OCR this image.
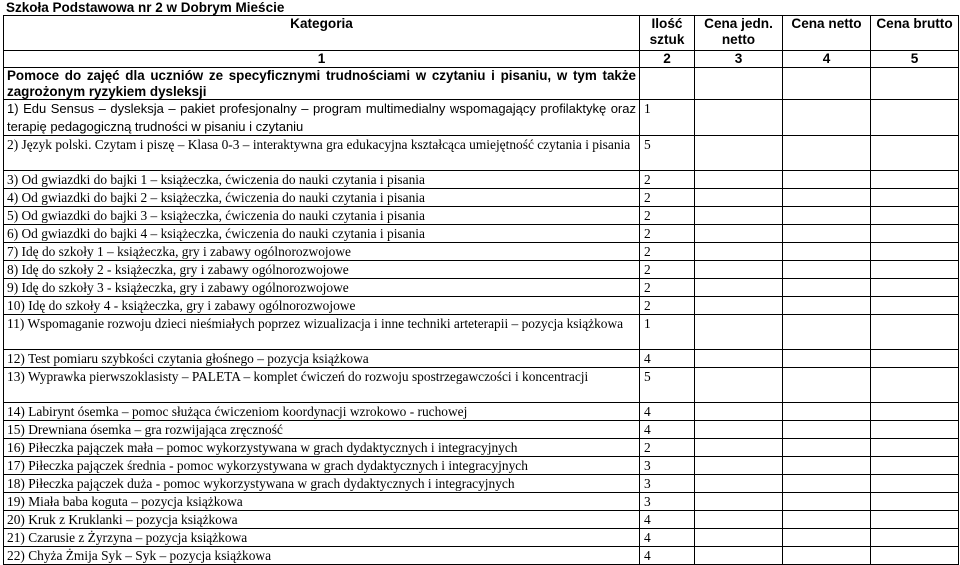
Szkoła Podstawowa nr 2 w Dobrym Mieście
Kategoria	Ilość sztuk	Cena jedn. netto	Cena netto	Cena brutto
1	2	3	4	5
Pomoce do zajęć dla uczniów ze specyficznymi trudnościami w czytaniu i pisaniu, w tym także zagrożonym ryzykiem dysleksji				
1) Edu Sensus – dysleksja – pakiet profesjonalny – program multimedialny wspomagający profilaktykę oraz terapię pedagogiczną trudności w pisaniu i czytaniu	1			
2) Język polski. Czytam i piszę – Klasa 0-3 – interaktywna gra edukacyjna kształcąca umiejętność czytania i pisania	5			
3) Od gwiazdki do bajki 1 – książeczka, ćwiczenia do nauki czytania i pisania	2			
4) Od gwiazdki do bajki 2 – książeczka, ćwiczenia do nauki czytania i pisania	2			
5) Od gwiazdki do bajki 3 – książeczka, ćwiczenia do nauki czytania i pisania	2			
6) Od gwiazdki do bajki 4 – książeczka, ćwiczenia do nauki czytania i pisania	2			
7) Idę do szkoły 1 – książeczka, gry i zabawy ogólnorozwojowe	2			
8) Idę do szkoły 2 - książeczka, gry i zabawy ogólnorozwojowe	2			
9) Idę do szkoły 3 - książeczka, gry i zabawy ogólnorozwojowe	2			
10) Idę do szkoły 4 - książeczka, gry i zabawy ogólnorozwojowe	2			
11) Wspomaganie rozwoju dzieci nieśmiałych poprzez wizualizacja i inne techniki arteterapii – pozycja książkowa	1			
12) Test pomiaru szybkości czytania głośnego – pozycja książkowa	4			
13) Wyprawka pierwszoklasisty – PALETA – komplet ćwiczeń do rozwoju spostrzegawczości i koncentracji	5			
14) Labirynt ósemka – pomoc służąca ćwiczeniom koordynacji wzrokowo - ruchowej	4			
15) Drewniana ósemka – gra rozwijająca zręczność	4			
16) Piłeczka pajączek mała – pomoc wykorzystywana w grach dydaktycznych i integracyjnych	2			
17) Piłeczka pajączek średnia - pomoc wykorzystywana w grach dydaktycznych i integracyjnych	3			
18) Piłeczka pajączek duża - pomoc wykorzystywana w grach dydaktycznych i integracyjnych	3			
19) Miała baba koguta – pozycja książkowa	3			
20) Kruk z Kruklanki – pozycja książkowa	4			
21) Czarusie z Żyrzyna – pozycja książkowa	4			
22) Chyża Żmija Syk – Syk – pozycja książkowa	4			
